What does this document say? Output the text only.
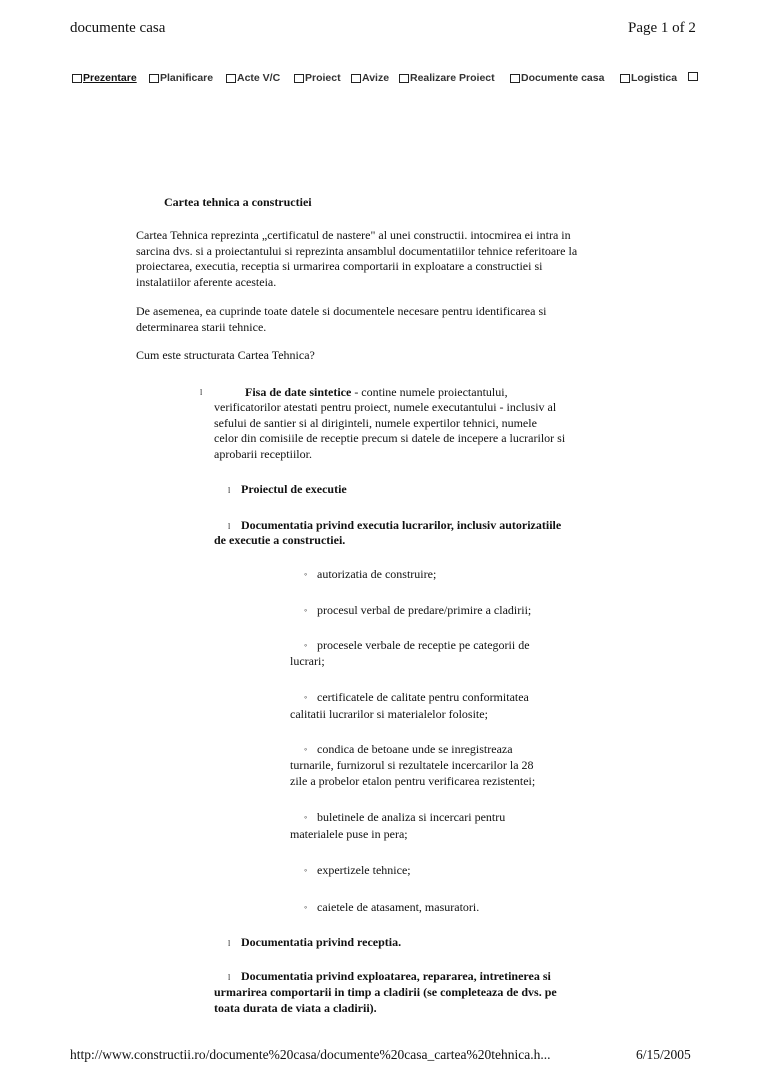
documente casa	Page 1 of 2
Prezentare Planificare Acte V/C Proiect Avize Realizare Proiect	Documente casa	Logistica
Cartea tehnica a constructiei
Cartea Tehnica reprezinta „certificatul de nastere" al unei constructii. intocmirea ei intra in
sarcina dvs. si a proiectantului si reprezinta ansamblul documentatiilor tehnice referitoare la
proiectarea, executia, receptia si urmarirea comportarii in exploatare a constructiei si
instalatiilor aferente acesteia.
De asemenea, ea cuprinde toate datele si documentele necesare pentru identificarea si
determinarea starii tehnice.
Cum este structurata Cartea Tehnica?
l	Fisa de date sintetice - contine numele proiectantului,
verificatorilor atestati pentru proiect, numele executantului - inclusiv al
sefului de santier si al diriginteli, numele expertilor tehnici, numele
celor din comisiile de receptie precum si datele de incepere a lucrarilor si
aprobarii receptiilor.
l Proiectul de executie
l Documentatia privind executia lucrarilor, inclusiv autorizatiile
de executie a constructiei.
◦ autorizatia de construire;
◦ procesul verbal de predare/primire a cladirii;
◦ procesele verbale de receptie pe categorii de
lucrari;
◦ certificatele de calitate pentru conformitatea
calitatii lucrarilor si materialelor folosite;
◦ condica de betoane unde se inregistreaza
turnarile, furnizorul si rezultatele incercarilor la 28
zile a probelor etalon pentru verificarea rezistentei;
◦ buletinele de analiza si incercari pentru
materialele puse in pera;
◦ expertizele tehnice;
◦ caietele de atasament, masuratori.
l Documentatia privind receptia.
l Documentatia privind exploatarea, repararea, intretinerea si
urmarirea comportarii in timp a cladirii (se completeaza de dvs. pe
toata durata de viata a cladirii).
http://www.constructii.ro/documente%20casa/documente%20casa_cartea%20tehnica.h...	6/15/2005
